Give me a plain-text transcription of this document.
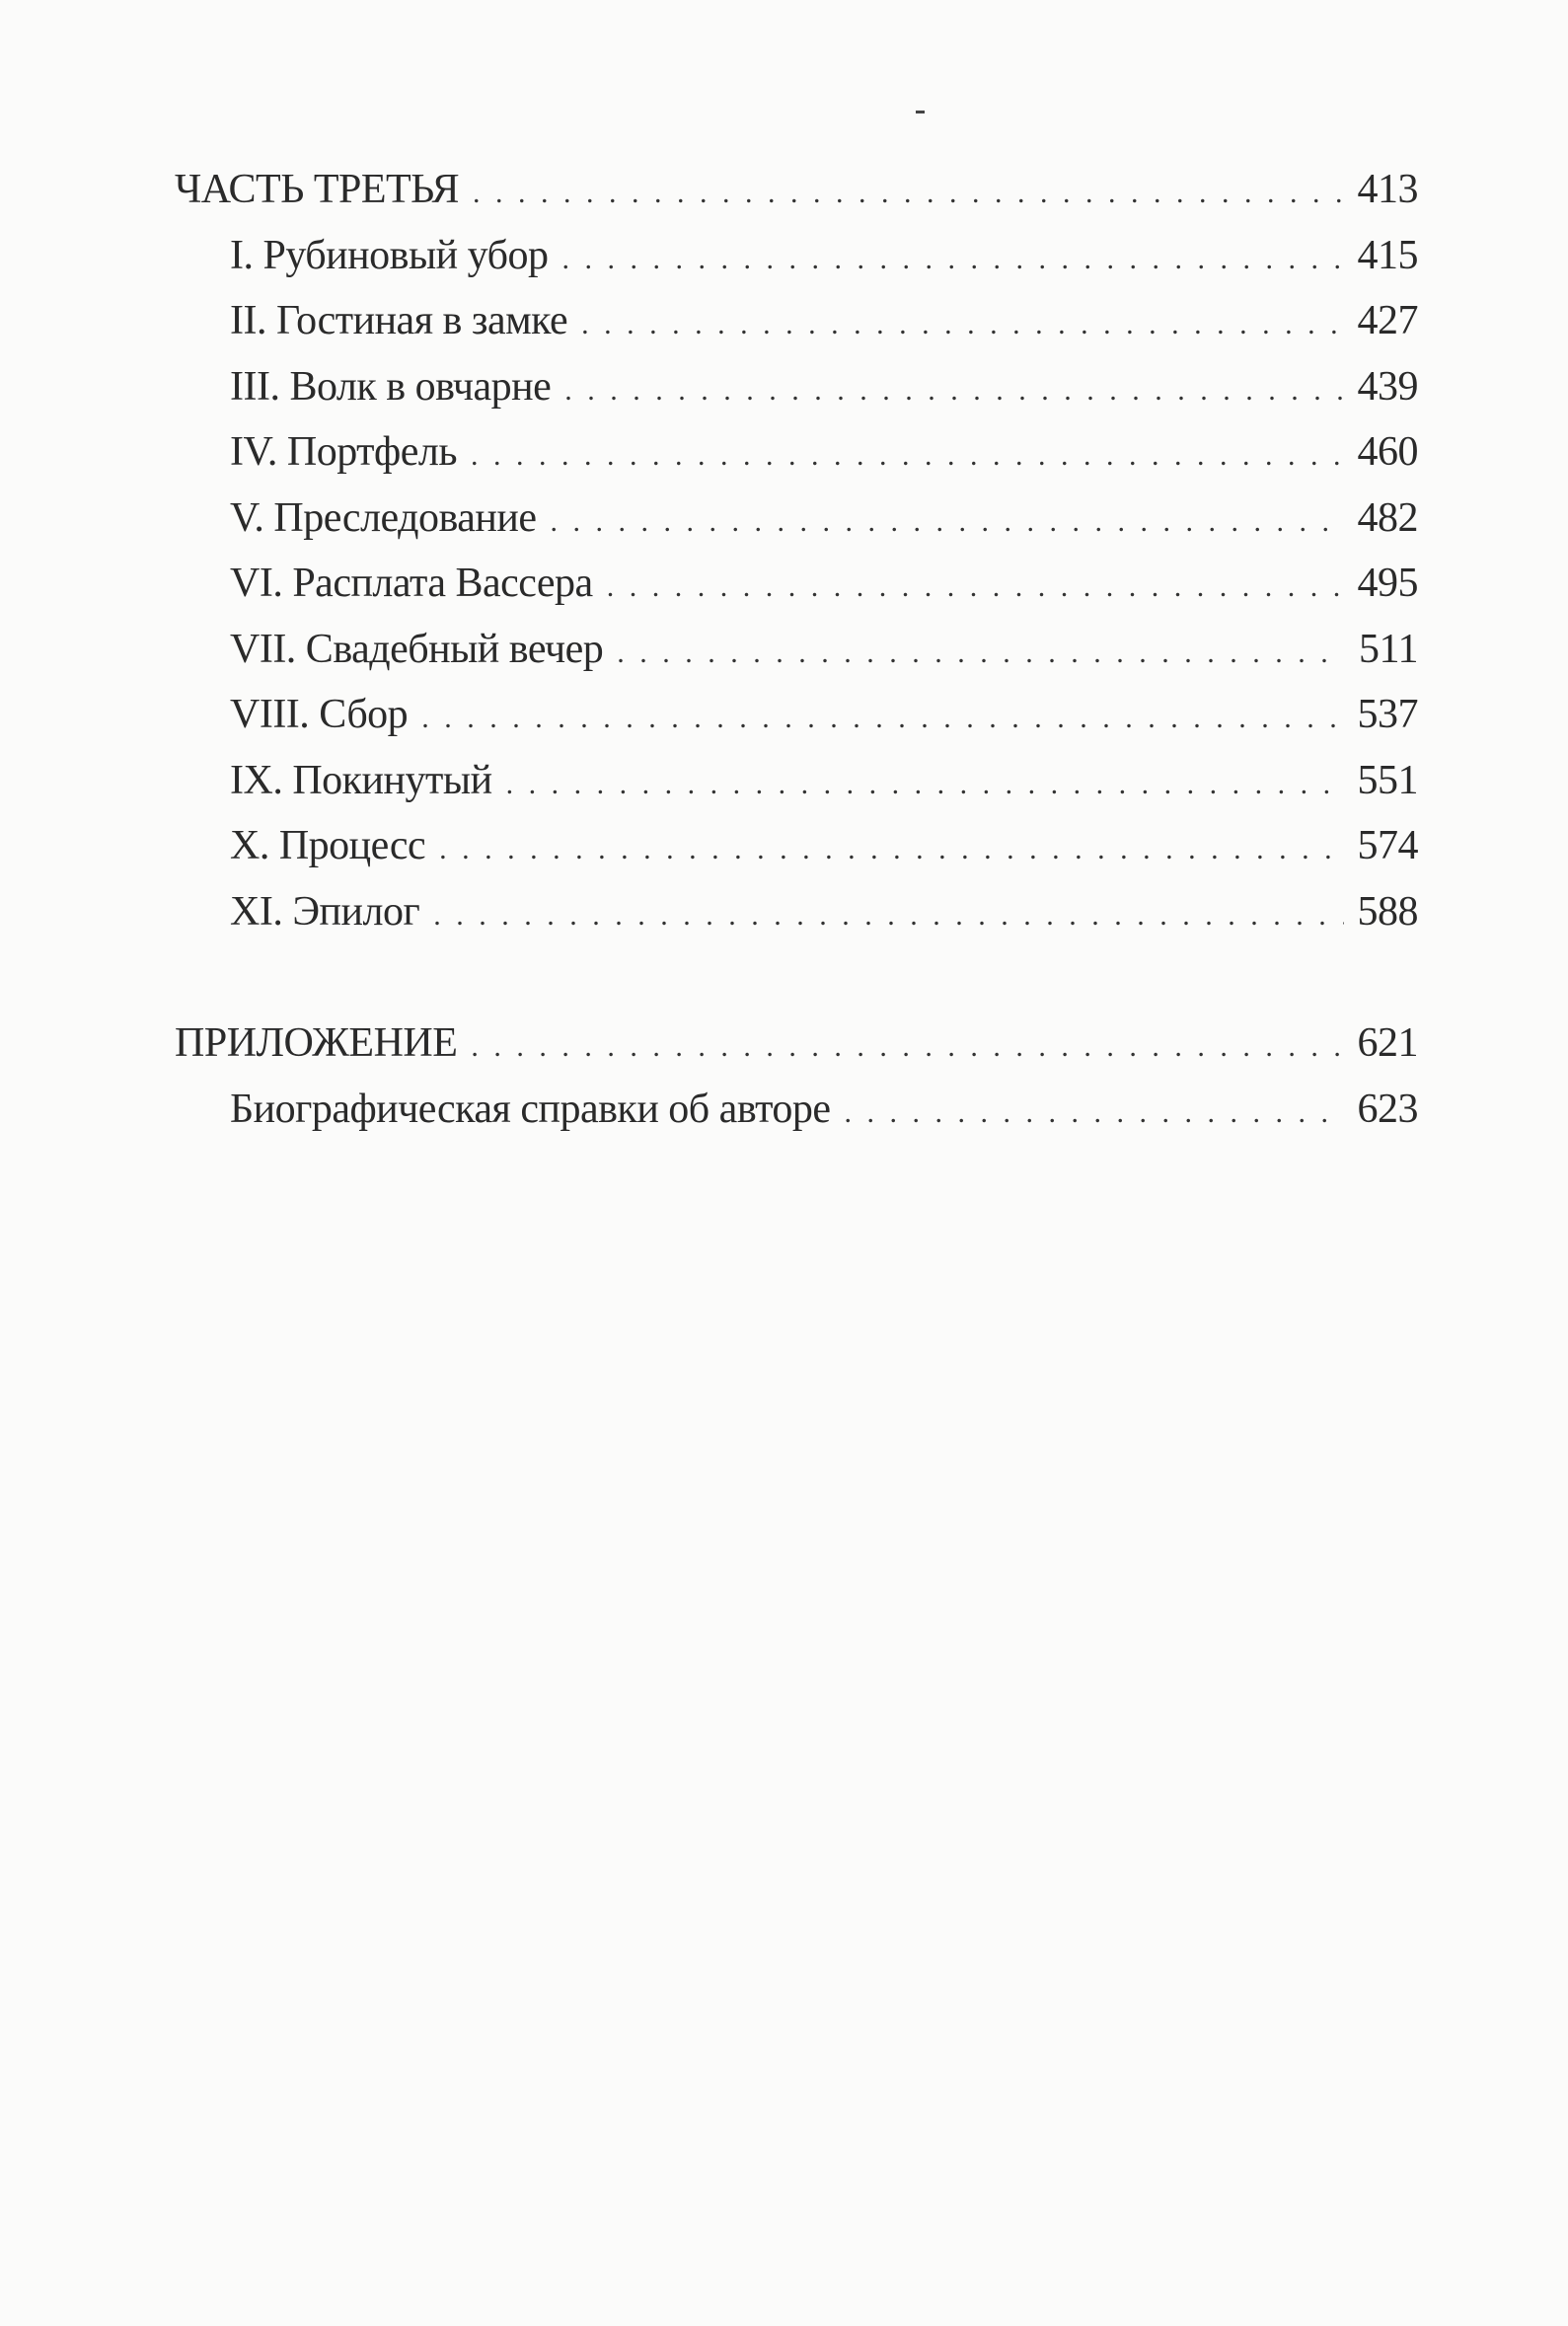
ЧАСТЬ ТРЕТЬЯ . . .	413
I. Рубиновый убор . . .	415
II. Гостиная в замке . . .	427
III. Волк в овчарне . . .	439
IV. Портфель . . .	460
V. Преследование . . .	482
VI. Расплата Вассера . . .	495
VII. Свадебный вечер . . .	511
VIII. Сбор . . .	537
IX. Покинутый . . .	551
X. Процесс . . .	574
XI. Эпилог . . .	588
ПРИЛОЖЕНИЕ . . .	621
Биографическая справки об авторе . . .	623
